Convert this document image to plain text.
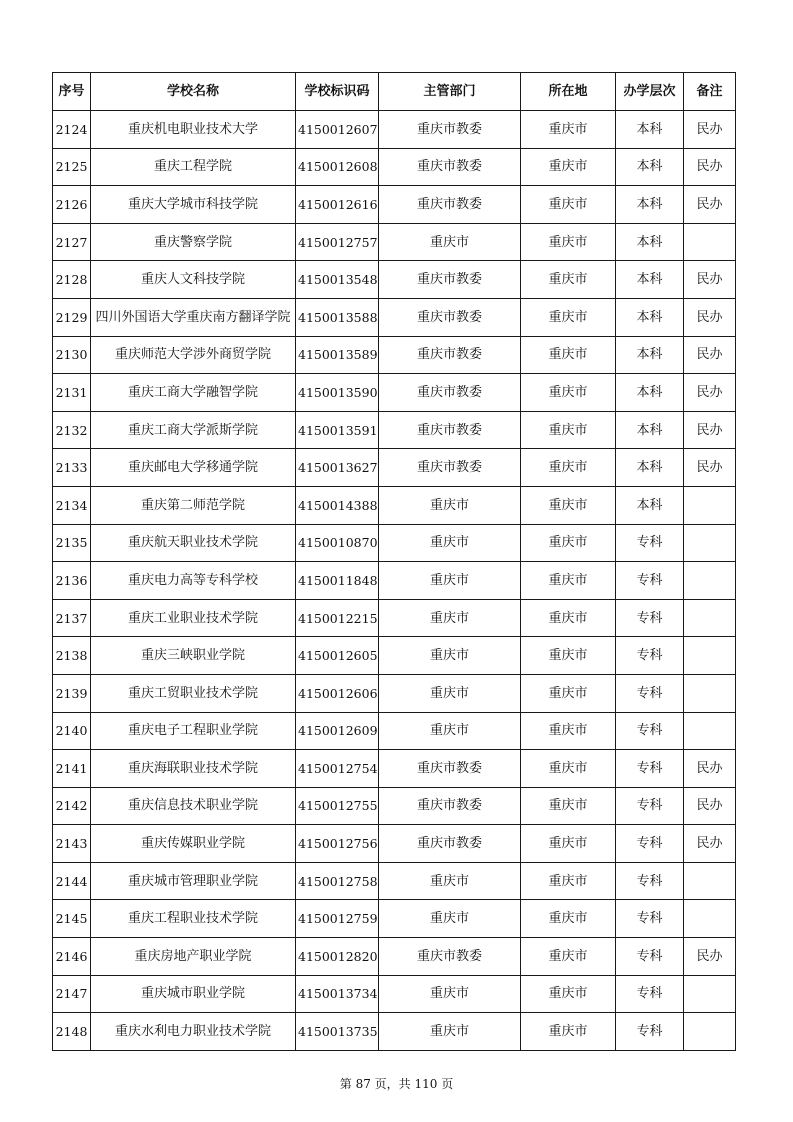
序号	学校名称	学校标识码	主管部门	所在地	办学层次	备注
2124	重庆机电职业技术大学	4150012607	重庆市教委	重庆市	本科	民办
2125	重庆工程学院	4150012608	重庆市教委	重庆市	本科	民办
2126	重庆大学城市科技学院	4150012616	重庆市教委	重庆市	本科	民办
2127	重庆警察学院	4150012757	重庆市	重庆市	本科	
2128	重庆人文科技学院	4150013548	重庆市教委	重庆市	本科	民办
2129	四川外国语大学重庆南方翻译学院	4150013588	重庆市教委	重庆市	本科	民办
2130	重庆师范大学涉外商贸学院	4150013589	重庆市教委	重庆市	本科	民办
2131	重庆工商大学融智学院	4150013590	重庆市教委	重庆市	本科	民办
2132	重庆工商大学派斯学院	4150013591	重庆市教委	重庆市	本科	民办
2133	重庆邮电大学移通学院	4150013627	重庆市教委	重庆市	本科	民办
2134	重庆第二师范学院	4150014388	重庆市	重庆市	本科	
2135	重庆航天职业技术学院	4150010870	重庆市	重庆市	专科	
2136	重庆电力高等专科学校	4150011848	重庆市	重庆市	专科	
2137	重庆工业职业技术学院	4150012215	重庆市	重庆市	专科	
2138	重庆三峡职业学院	4150012605	重庆市	重庆市	专科	
2139	重庆工贸职业技术学院	4150012606	重庆市	重庆市	专科	
2140	重庆电子工程职业学院	4150012609	重庆市	重庆市	专科	
2141	重庆海联职业技术学院	4150012754	重庆市教委	重庆市	专科	民办
2142	重庆信息技术职业学院	4150012755	重庆市教委	重庆市	专科	民办
2143	重庆传媒职业学院	4150012756	重庆市教委	重庆市	专科	民办
2144	重庆城市管理职业学院	4150012758	重庆市	重庆市	专科	
2145	重庆工程职业技术学院	4150012759	重庆市	重庆市	专科	
2146	重庆房地产职业学院	4150012820	重庆市教委	重庆市	专科	民办
2147	重庆城市职业学院	4150013734	重庆市	重庆市	专科	
2148	重庆水利电力职业技术学院	4150013735	重庆市	重庆市	专科	
第 87 页，共 110 页
